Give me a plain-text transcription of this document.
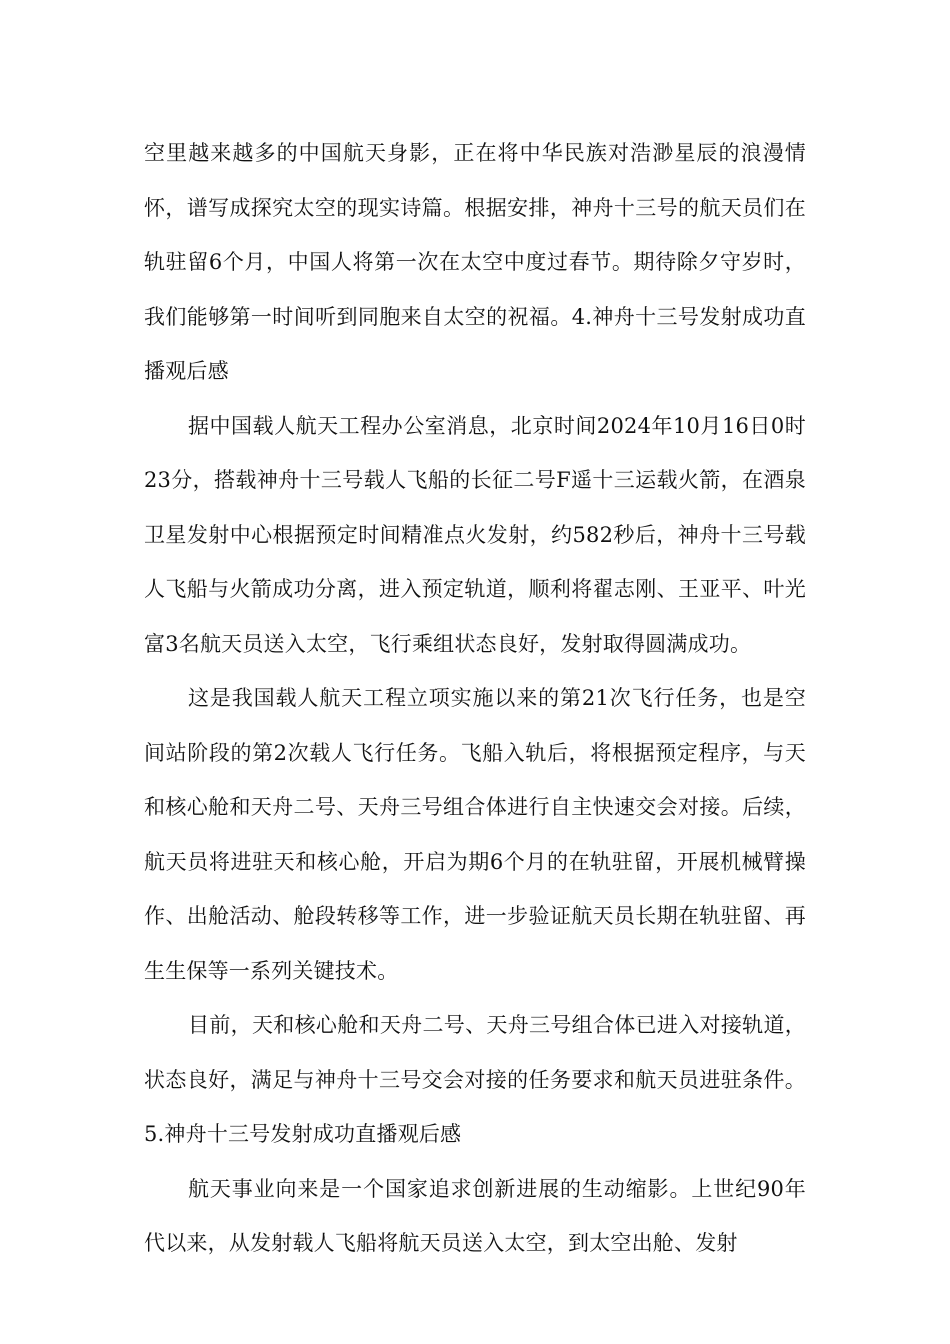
空里越来越多的中国航天身影，正在将中华民族对浩渺星辰的浪漫情怀，谱写成探究太空的现实诗篇。根据安排，神舟十三号的航天员们在轨驻留6个月，中国人将第一次在太空中度过春节。期待除夕守岁时，我们能够第一时间听到同胞来自太空的祝福。4.神舟十三号发射成功直播观后感

据中国载人航天工程办公室消息，北京时间2024年10月16日0时23分，搭载神舟十三号载人飞船的长征二号F遥十三运载火箭，在酒泉卫星发射中心根据预定时间精准点火发射，约582秒后，神舟十三号载人飞船与火箭成功分离，进入预定轨道，顺利将翟志刚、王亚平、叶光富3名航天员送入太空，飞行乘组状态良好，发射取得圆满成功。

这是我国载人航天工程立项实施以来的第21次飞行任务，也是空间站阶段的第2次载人飞行任务。飞船入轨后，将根据预定程序，与天和核心舱和天舟二号、天舟三号组合体进行自主快速交会对接。后续，航天员将进驻天和核心舱，开启为期6个月的在轨驻留，开展机械臂操作、出舱活动、舱段转移等工作，进一步验证航天员长期在轨驻留、再生生保等一系列关键技术。

目前，天和核心舱和天舟二号、天舟三号组合体已进入对接轨道，状态良好，满足与神舟十三号交会对接的任务要求和航天员进驻条件。5.神舟十三号发射成功直播观后感

航天事业向来是一个国家追求创新进展的生动缩影。上世纪90年代以来，从发射载人飞船将航天员送入太空，到太空出舱、发射
